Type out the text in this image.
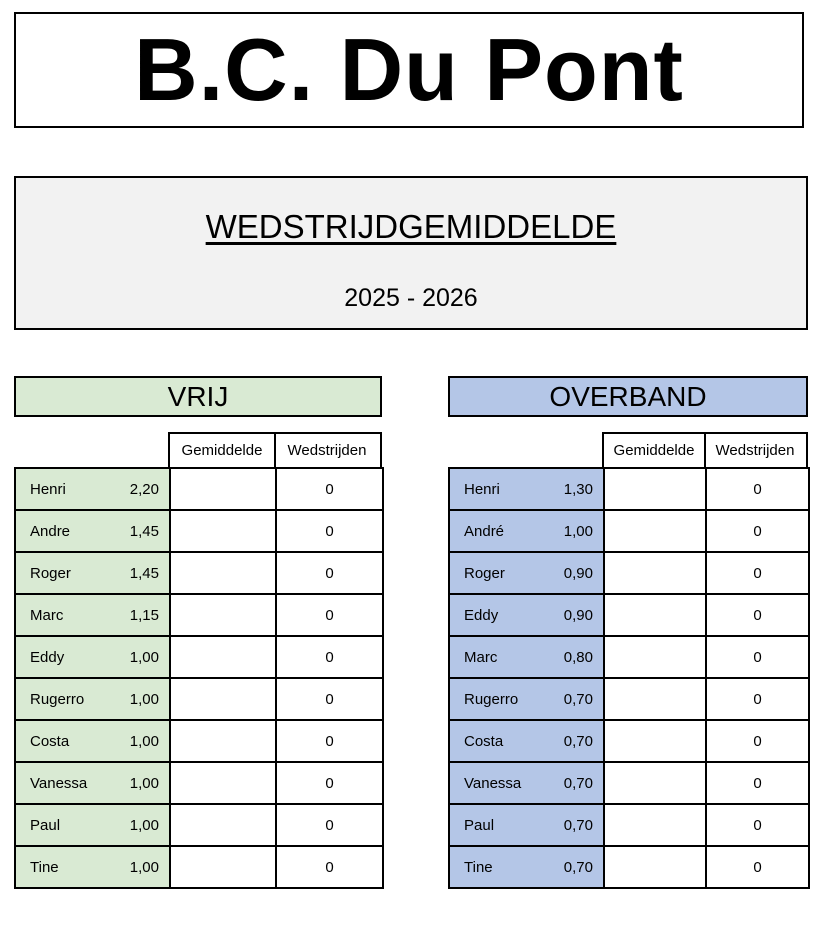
B.C. Du Pont
WEDSTRIJDGEMIDDELDE
2025 - 2026
VRIJ
Gemiddelde	Wedstrijden
Henri 2,20		0

Andre 1,45		0

Roger 1,45		0

Marc 1,15		0

Eddy 1,00		0

Rugerro 1,00		0

Costa 1,00		0

Vanessa 1,00		0

Paul 1,00		0

Tine 1,00		0
OVERBAND
Gemiddelde	Wedstrijden
Henri 1,30		0

André 1,00		0

Roger 0,90		0

Eddy 0,90		0

Marc 0,80		0

Rugerro 0,70		0

Costa 0,70		0

Vanessa 0,70		0

Paul 0,70		0

Tine 0,70		0
